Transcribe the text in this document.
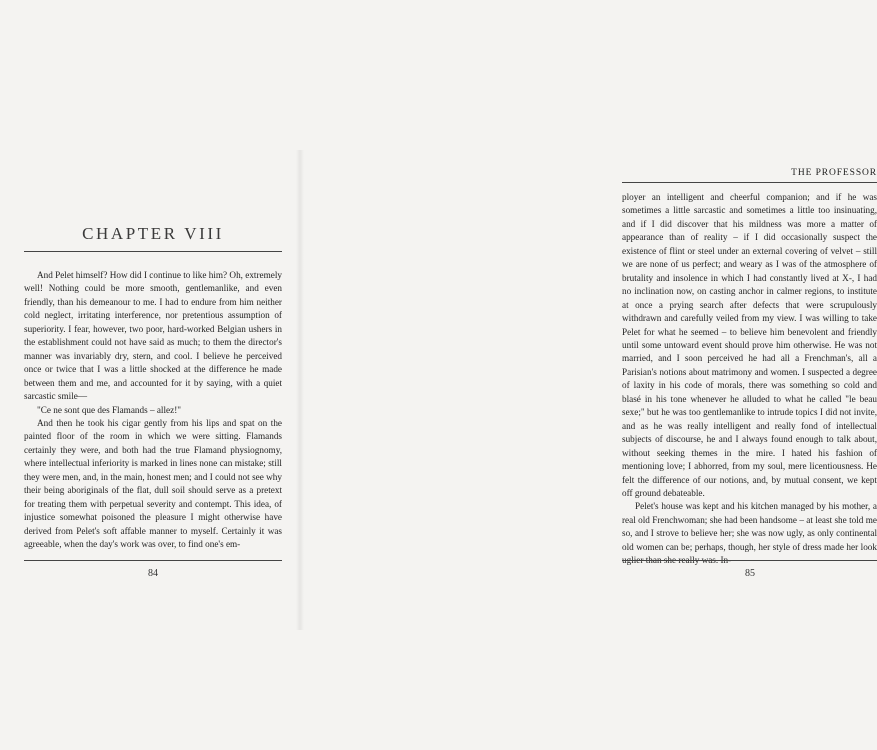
CHAPTER VIII

And Pelet himself? How did I continue to like him? Oh, extremely well! Nothing could be more smooth, gentlemanlike, and even friendly, than his demeanour to me. I had to endure from him neither cold neglect, irritating interference, nor pretentious assumption of superiority. I fear, however, two poor, hard-worked Belgian ushers in the establishment could not have said as much; to them the director's manner was invariably dry, stern, and cool. I believe he perceived once or twice that I was a little shocked at the difference he made between them and me, and accounted for it by saying, with a quiet sarcastic smile—

"Ce ne sont que des Flamands – allez!"

And then he took his cigar gently from his lips and spat on the painted floor of the room in which we were sitting. Flamands certainly they were, and both had the true Flamand physiognomy, where intellectual inferiority is marked in lines none can mistake; still they were men, and, in the main, honest men; and I could not see why their being aboriginals of the flat, dull soil should serve as a pretext for treating them with perpetual severity and contempt. This idea, of injustice somewhat poisoned the pleasure I might otherwise have derived from Pelet's soft affable manner to myself. Certainly it was agreeable, when the day's work was over, to find one's em-

84
THE PROFESSOR

ployer an intelligent and cheerful companion; and if he was sometimes a little sarcastic and sometimes a little too insinuating, and if I did discover that his mildness was more a matter of appearance than of reality – if I did occasionally suspect the existence of flint or steel under an external covering of velvet – still we are none of us perfect; and weary as I was of the atmosphere of brutality and insolence in which I had constantly lived at X-, I had no inclination now, on casting anchor in calmer regions, to institute at once a prying search after defects that were scrupulously withdrawn and carefully veiled from my view. I was willing to take Pelet for what he seemed – to believe him benevolent and friendly until some untoward event should prove him otherwise. He was not married, and I soon perceived he had all a Frenchman's, all a Parisian's notions about matrimony and women. I suspected a degree of laxity in his code of morals, there was something so cold and blasé in his tone whenever he alluded to what he called "le beau sexe;" but he was too gentlemanlike to intrude topics I did not invite, and as he was really intelligent and really fond of intellectual subjects of discourse, he and I always found enough to talk about, without seeking themes in the mire. I hated his fashion of mentioning love; I abhorred, from my soul, mere licentiousness. He felt the difference of our notions, and, by mutual consent, we kept off ground debateable.

Pelet's house was kept and his kitchen managed by his mother, a real old Frenchwoman; she had been handsome – at least she told me so, and I strove to believe her; she was now ugly, as only continental old women can be; perhaps, though, her style of dress made her look uglier than she really was. In-

85
